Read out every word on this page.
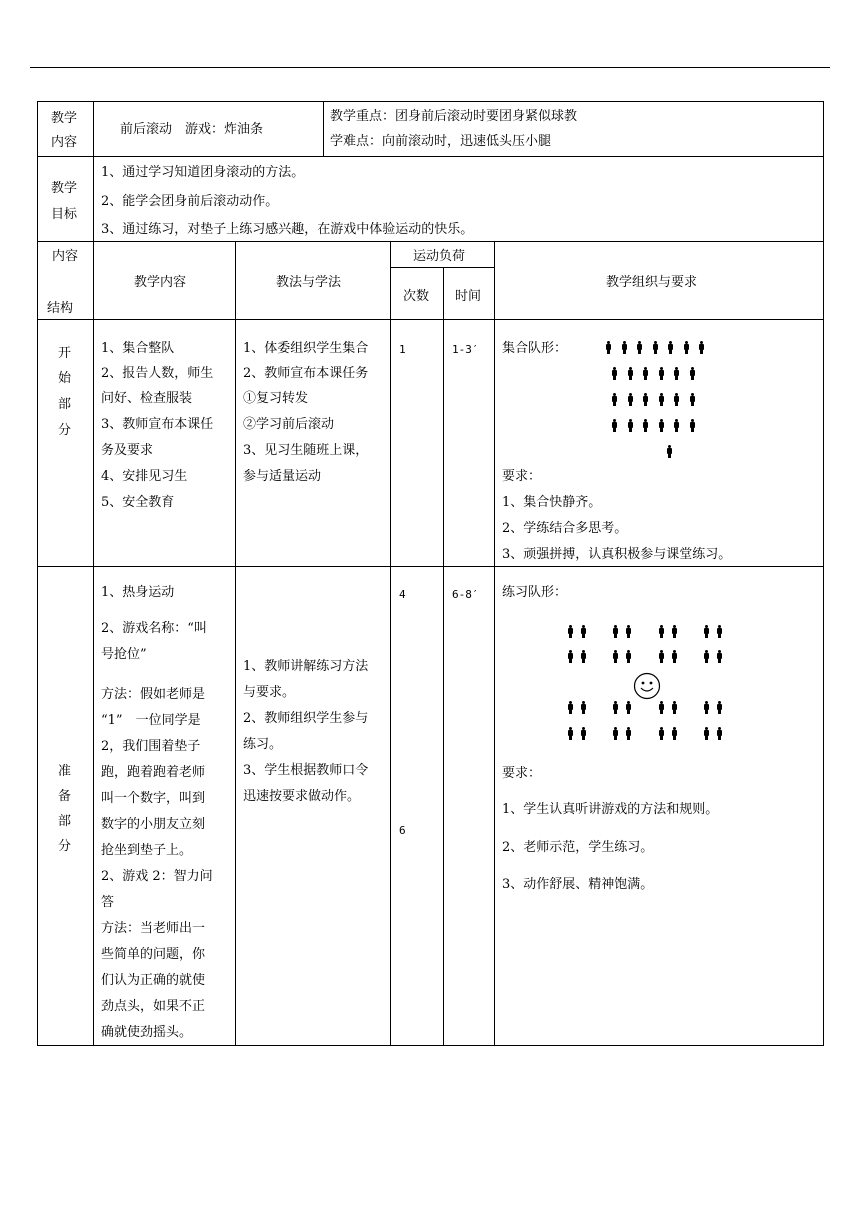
教学
内容
前后滚动　游戏：炸油条
教学重点：团身前后滚动时要团身紧似球教
学难点：向前滚动时，迅速低头压小腿
教学
目标
1、通过学习知道团身滚动的方法。
2、能学会团身前后滚动动作。
3、通过练习，对垫子上练习感兴趣，在游戏中体验运动的快乐。
内容
结构
教学内容	教法与学法
运动负荷
次数 时间
教学组织与要求
开
始
部
分
1、集合整队
2、报告人数，师生
问好、检查服装
3、教师宣布本课任
务及要求
4、安排见习生
5、安全教育
1、体委组织学生集合
2、教师宣布本课任务
①复习转发
②学习前后滚动
3、见习生随班上课，
参与适量运动
1	1-3′ 集合队形：
要求：
1、集合快静齐。
2、学练结合多思考。
3、顽强拼搏，认真积极参与课堂练习。
准
备
部
分
1、热身运动
2、游戏名称：“叫
号抢位”
方法：假如老师是
“1”　一位同学是
2，我们围着垫子
跑，跑着跑着老师
叫一个数字，叫到
数字的小朋友立刻
抢坐到垫子上。
2、游戏 2：智力问
答
方法：当老师出一
些简单的问题，你
们认为正确的就使
劲点头，如果不正
确就使劲摇头。
1、教师讲解练习方法
与要求。
2、教师组织学生参与
练习。
3、学生根据教师口令
迅速按要求做动作。
4
6
6-8′ 练习队形：
要求：
1、学生认真听讲游戏的方法和规则。
2、老师示范，学生练习。
3、动作舒展、精神饱满。
